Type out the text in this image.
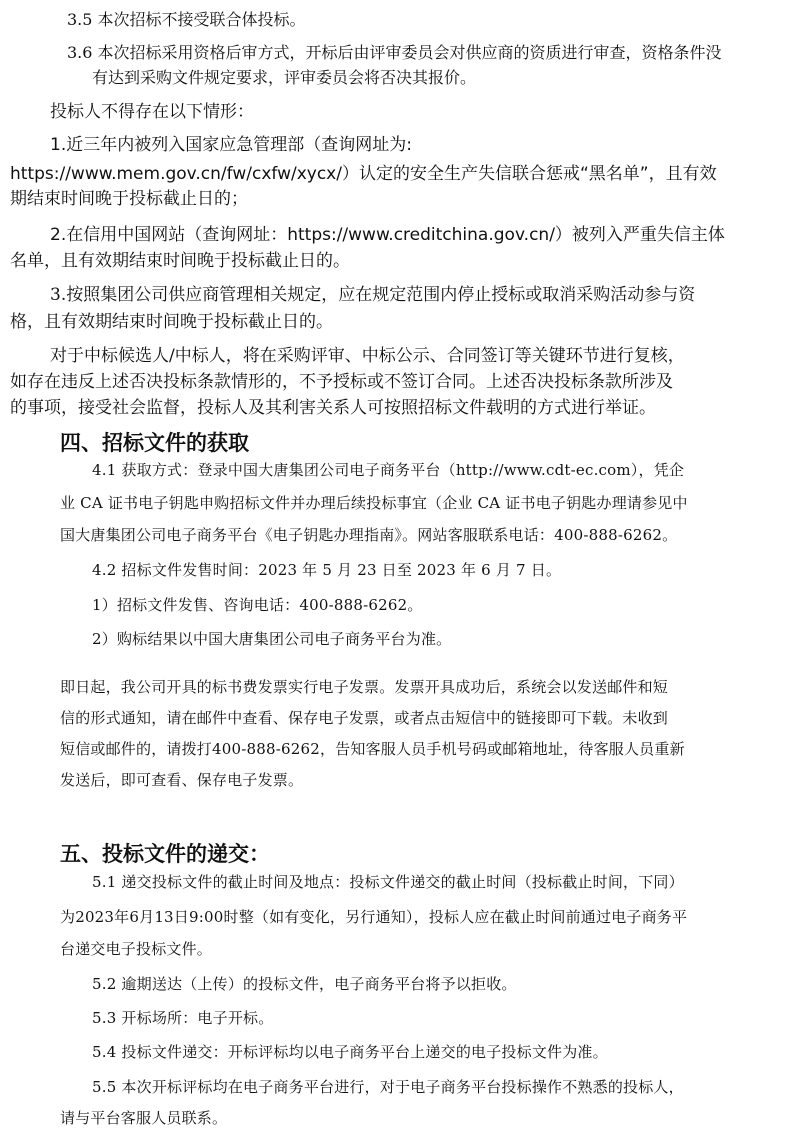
3.5 本次招标不接受联合体投标。
3.6 本次招标采用资格后审方式，开标后由评审委员会对供应商的资质进行审查，资格条件没
有达到采购文件规定要求，评审委员会将否决其报价。
投标人不得存在以下情形：
1.近三年内被列入国家应急管理部（查询网址为:
https://www.mem.gov.cn/fw/cxfw/xycx/）认定的安全生产失信联合惩戒“黑名单”，且有效
期结束时间晚于投标截止日的；
2.在信用中国网站（查询网址：https://www.creditchina.gov.cn/）被列入严重失信主体
名单，且有效期结束时间晚于投标截止日的。
3.按照集团公司供应商管理相关规定，应在规定范围内停止授标或取消采购活动参与资
格，且有效期结束时间晚于投标截止日的。
对于中标候选人/中标人，将在采购评审、中标公示、合同签订等关键环节进行复核，
如存在违反上述否决投标条款情形的，不予授标或不签订合同。上述否决投标条款所涉及
的事项，接受社会监督，投标人及其利害关系人可按照招标文件载明的方式进行举证。
四、招标文件的获取
4.1 获取方式：登录中国大唐集团公司电子商务平台（http://www.cdt-ec.com），凭企
业 CA 证书电子钥匙申购招标文件并办理后续投标事宜（企业 CA 证书电子钥匙办理请参见中
国大唐集团公司电子商务平台《电子钥匙办理指南》。网站客服联系电话：400-888-6262。
4.2 招标文件发售时间：2023 年 5 月 23 日至 2023 年 6 月 7 日。
1）招标文件发售、咨询电话：400-888-6262。
2）购标结果以中国大唐集团公司电子商务平台为准。
即日起，我公司开具的标书费发票实行电子发票。发票开具成功后，系统会以发送邮件和短
信的形式通知，请在邮件中查看、保存电子发票，或者点击短信中的链接即可下载。未收到
短信或邮件的，请拨打400-888-6262，告知客服人员手机号码或邮箱地址，待客服人员重新
发送后，即可查看、保存电子发票。
五、投标文件的递交：
5.1 递交投标文件的截止时间及地点：投标文件递交的截止时间（投标截止时间，下同）
为2023年6月13日9:00时整（如有变化，另行通知），投标人应在截止时间前通过电子商务平
台递交电子投标文件。
5.2 逾期送达（上传）的投标文件，电子商务平台将予以拒收。
5.3 开标场所：电子开标。
5.4 投标文件递交：开标评标均以电子商务平台上递交的电子投标文件为准。
5.5 本次开标评标均在电子商务平台进行，对于电子商务平台投标操作不熟悉的投标人，
请与平台客服人员联系。
